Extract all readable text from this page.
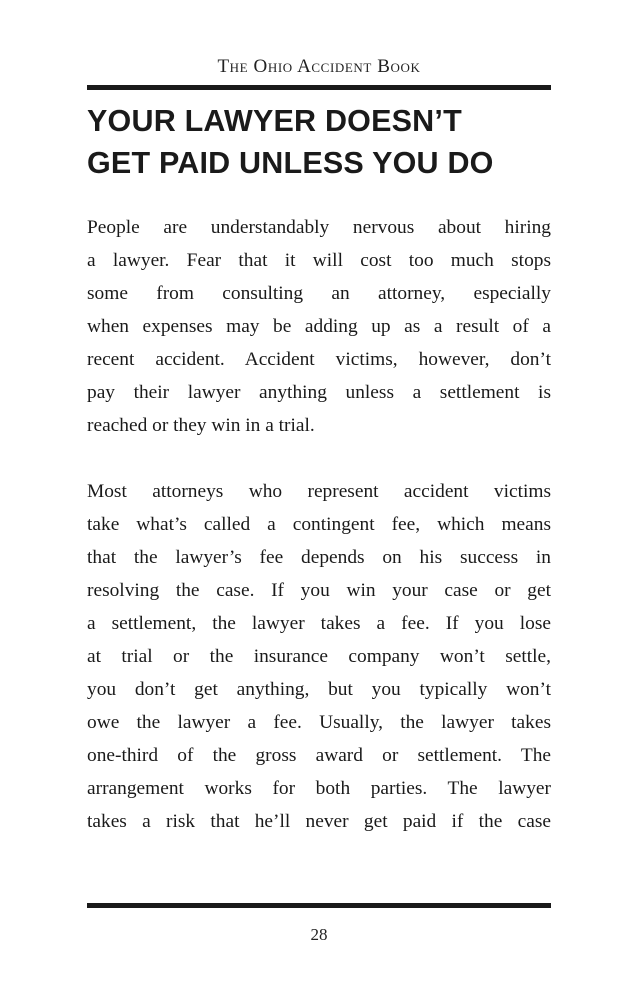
The Ohio Accident Book
YOUR LAWYER DOESN’T
GET PAID UNLESS YOU DO

People are understandably nervous about hiring
a lawyer. Fear that it will cost too much stops
some from consulting an attorney, especially
when expenses may be adding up as a result of a
recent accident. Accident victims, however, don’t
pay their lawyer anything unless a settlement is
reached or they win in a trial.

Most attorneys who represent accident victims
take what’s called a contingent fee, which means
that the lawyer’s fee depends on his success in
resolving the case. If you win your case or get
a settlement, the lawyer takes a fee. If you lose
at trial or the insurance company won’t settle,
you don’t get anything, but you typically won’t
owe the lawyer a fee. Usually, the lawyer takes
one-third of the gross award or settlement. The
arrangement works for both parties. The lawyer
takes a risk that he’ll never get paid if the case

28
